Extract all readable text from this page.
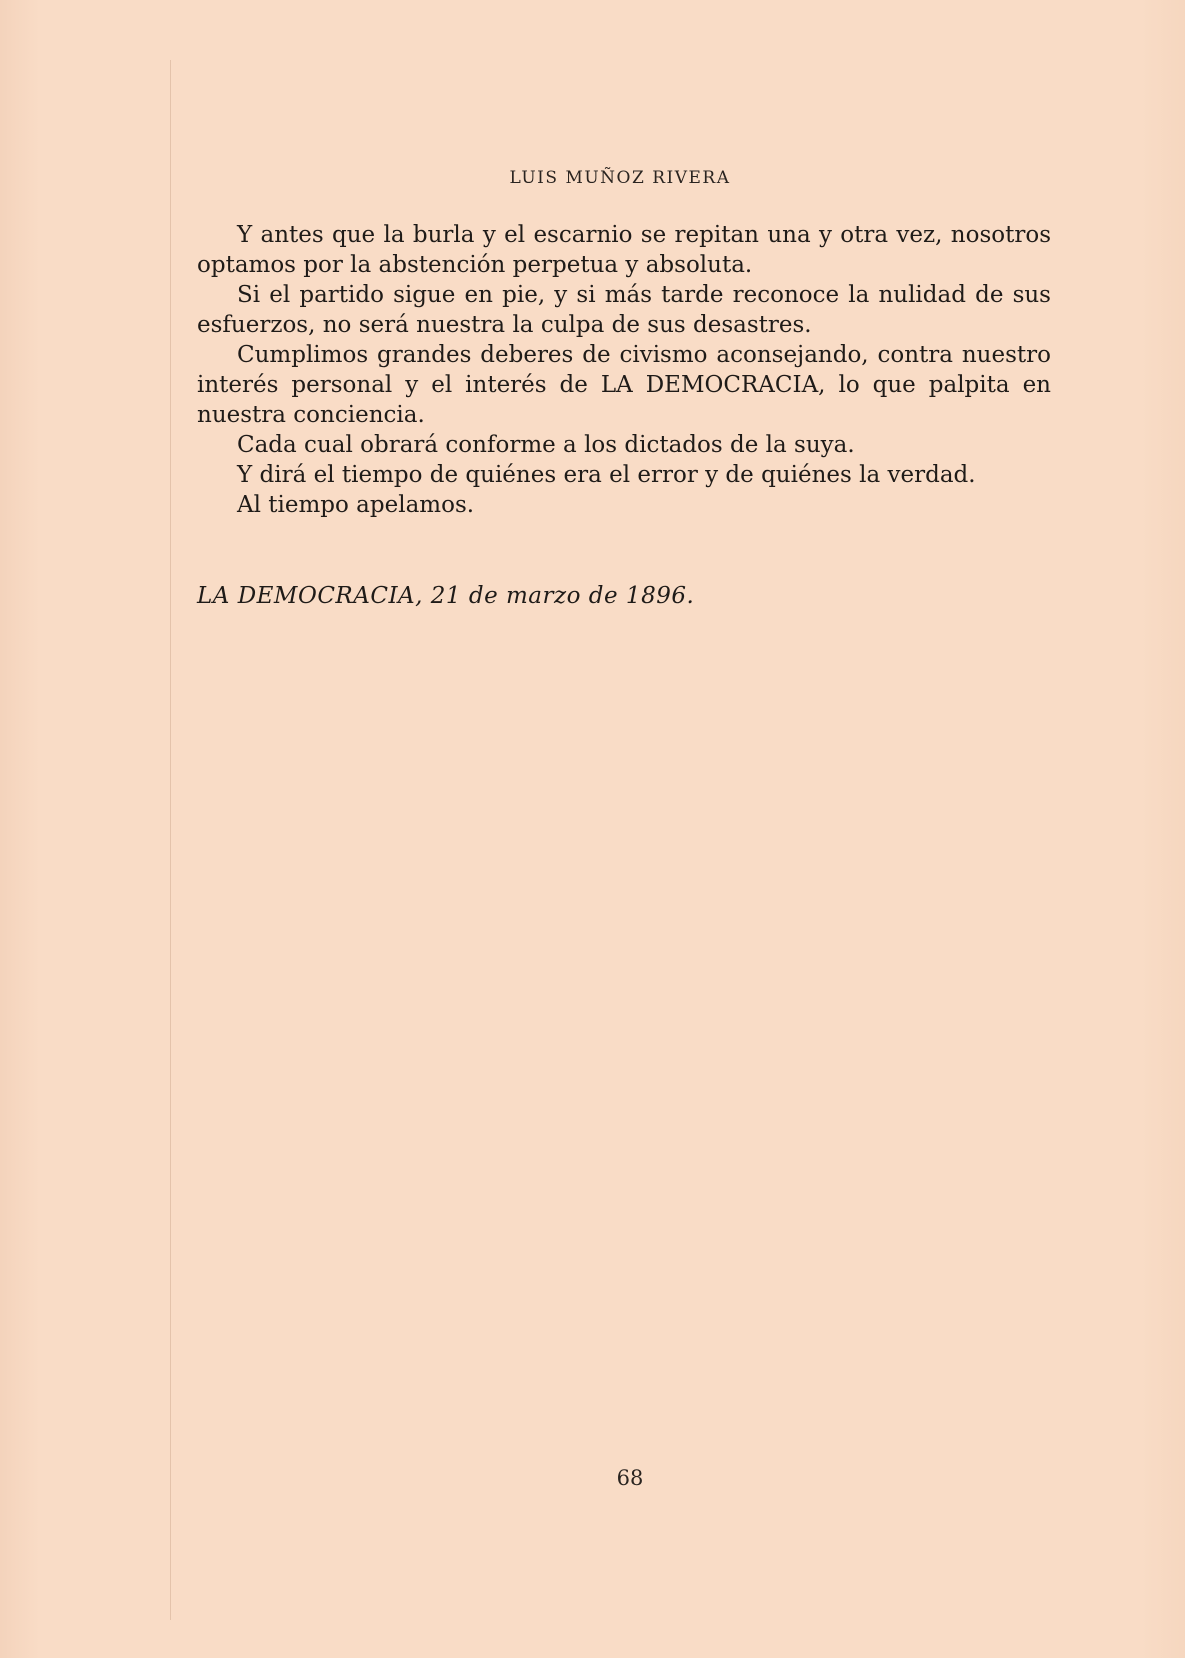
LUIS MUÑOZ RIVERA

Y antes que la burla y el escarnio se repitan una y otra vez, nosotros optamos por la abstención perpetua y absoluta.

Si el partido sigue en pie, y si más tarde reconoce la nulidad de sus esfuerzos, no será nuestra la culpa de sus desastres.

Cumplimos grandes deberes de civismo aconsejando, contra nuestro interés personal y el interés de LA DEMOCRACIA, lo que palpita en nuestra conciencia.

Cada cual obrará conforme a los dictados de la suya.

Y dirá el tiempo de quiénes era el error y de quiénes la verdad.

Al tiempo apelamos.

LA DEMOCRACIA, 21 de marzo de 1896.
68
